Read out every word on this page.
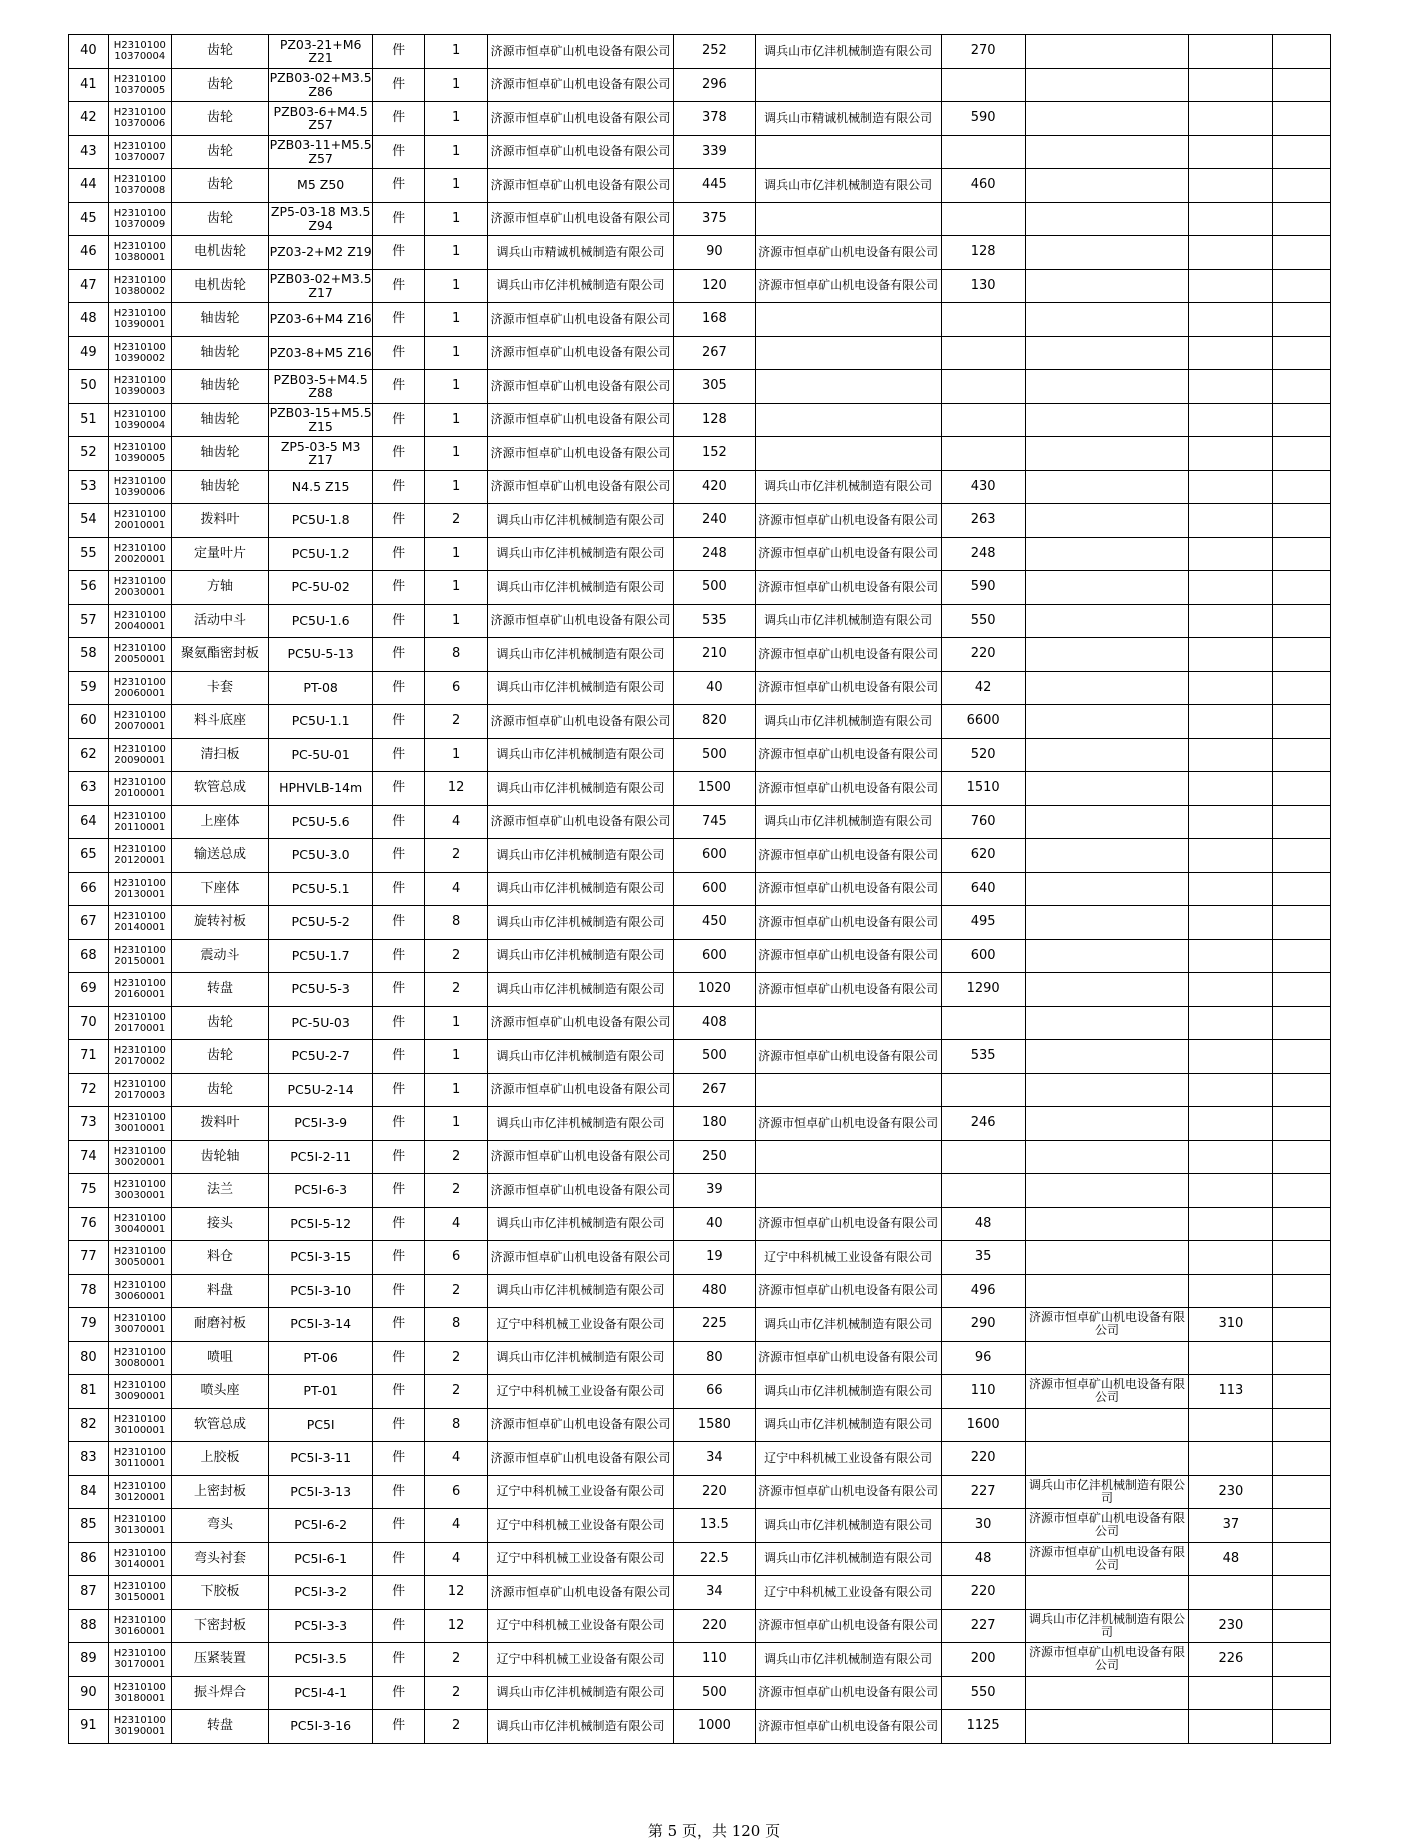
40	H2310100 10370004	齿轮	PZ03-21+M6 Z21	件	1	济源市恒卓矿山机电设备有限公司	252	调兵山市亿沣机械制造有限公司	270			
41	H2310100 10370005	齿轮	PZB03-02+M3.5 Z86	件	1	济源市恒卓矿山机电设备有限公司	296					
42	H2310100 10370006	齿轮	PZB03-6+M4.5 Z57	件	1	济源市恒卓矿山机电设备有限公司	378	调兵山市精诚机械制造有限公司	590			
43	H2310100 10370007	齿轮	PZB03-11+M5.5 Z57	件	1	济源市恒卓矿山机电设备有限公司	339					
44	H2310100 10370008	齿轮	M5 Z50	件	1	济源市恒卓矿山机电设备有限公司	445	调兵山市亿沣机械制造有限公司	460			
45	H2310100 10370009	齿轮	ZP5-03-18 M3.5 Z94	件	1	济源市恒卓矿山机电设备有限公司	375					
46	H2310100 10380001	电机齿轮	PZ03-2+M2 Z19	件	1	调兵山市精诚机械制造有限公司	90	济源市恒卓矿山机电设备有限公司	128			
47	H2310100 10380002	电机齿轮	PZB03-02+M3.5 Z17	件	1	调兵山市亿沣机械制造有限公司	120	济源市恒卓矿山机电设备有限公司	130			
48	H2310100 10390001	轴齿轮	PZ03-6+M4 Z16	件	1	济源市恒卓矿山机电设备有限公司	168					
49	H2310100 10390002	轴齿轮	PZ03-8+M5 Z16	件	1	济源市恒卓矿山机电设备有限公司	267					
50	H2310100 10390003	轴齿轮	PZB03-5+M4.5 Z88	件	1	济源市恒卓矿山机电设备有限公司	305					
51	H2310100 10390004	轴齿轮	PZB03-15+M5.5 Z15	件	1	济源市恒卓矿山机电设备有限公司	128					
52	H2310100 10390005	轴齿轮	ZP5-03-5 M3 Z17	件	1	济源市恒卓矿山机电设备有限公司	152					
53	H2310100 10390006	轴齿轮	N4.5 Z15	件	1	济源市恒卓矿山机电设备有限公司	420	调兵山市亿沣机械制造有限公司	430			
54	H2310100 20010001	拨料叶	PC5U-1.8	件	2	调兵山市亿沣机械制造有限公司	240	济源市恒卓矿山机电设备有限公司	263			
55	H2310100 20020001	定量叶片	PC5U-1.2	件	1	调兵山市亿沣机械制造有限公司	248	济源市恒卓矿山机电设备有限公司	248			
56	H2310100 20030001	方轴	PC-5U-02	件	1	调兵山市亿沣机械制造有限公司	500	济源市恒卓矿山机电设备有限公司	590			
57	H2310100 20040001	活动中斗	PC5U-1.6	件	1	济源市恒卓矿山机电设备有限公司	535	调兵山市亿沣机械制造有限公司	550			
58	H2310100 20050001	聚氨酯密封板	PC5U-5-13	件	8	调兵山市亿沣机械制造有限公司	210	济源市恒卓矿山机电设备有限公司	220			
59	H2310100 20060001	卡套	PT-08	件	6	调兵山市亿沣机械制造有限公司	40	济源市恒卓矿山机电设备有限公司	42			
60	H2310100 20070001	料斗底座	PC5U-1.1	件	2	济源市恒卓矿山机电设备有限公司	820	调兵山市亿沣机械制造有限公司	6600			
62	H2310100 20090001	清扫板	PC-5U-01	件	1	调兵山市亿沣机械制造有限公司	500	济源市恒卓矿山机电设备有限公司	520			
63	H2310100 20100001	软管总成	HPHVLB-14m	件	12	调兵山市亿沣机械制造有限公司	1500	济源市恒卓矿山机电设备有限公司	1510			
64	H2310100 20110001	上座体	PC5U-5.6	件	4	济源市恒卓矿山机电设备有限公司	745	调兵山市亿沣机械制造有限公司	760			
65	H2310100 20120001	输送总成	PC5U-3.0	件	2	调兵山市亿沣机械制造有限公司	600	济源市恒卓矿山机电设备有限公司	620			
66	H2310100 20130001	下座体	PC5U-5.1	件	4	调兵山市亿沣机械制造有限公司	600	济源市恒卓矿山机电设备有限公司	640			
67	H2310100 20140001	旋转衬板	PC5U-5-2	件	8	调兵山市亿沣机械制造有限公司	450	济源市恒卓矿山机电设备有限公司	495			
68	H2310100 20150001	震动斗	PC5U-1.7	件	2	调兵山市亿沣机械制造有限公司	600	济源市恒卓矿山机电设备有限公司	600			
69	H2310100 20160001	转盘	PC5U-5-3	件	2	调兵山市亿沣机械制造有限公司	1020	济源市恒卓矿山机电设备有限公司	1290			
70	H2310100 20170001	齿轮	PC-5U-03	件	1	济源市恒卓矿山机电设备有限公司	408					
71	H2310100 20170002	齿轮	PC5U-2-7	件	1	调兵山市亿沣机械制造有限公司	500	济源市恒卓矿山机电设备有限公司	535			
72	H2310100 20170003	齿轮	PC5U-2-14	件	1	济源市恒卓矿山机电设备有限公司	267					
73	H2310100 30010001	拨料叶	PC5I-3-9	件	1	调兵山市亿沣机械制造有限公司	180	济源市恒卓矿山机电设备有限公司	246			
74	H2310100 30020001	齿轮轴	PC5I-2-11	件	2	济源市恒卓矿山机电设备有限公司	250					
75	H2310100 30030001	法兰	PC5I-6-3	件	2	济源市恒卓矿山机电设备有限公司	39					
76	H2310100 30040001	接头	PC5I-5-12	件	4	调兵山市亿沣机械制造有限公司	40	济源市恒卓矿山机电设备有限公司	48			
77	H2310100 30050001	料仓	PC5I-3-15	件	6	济源市恒卓矿山机电设备有限公司	19	辽宁中科机械工业设备有限公司	35			
78	H2310100 30060001	料盘	PC5I-3-10	件	2	调兵山市亿沣机械制造有限公司	480	济源市恒卓矿山机电设备有限公司	496			
79	H2310100 30070001	耐磨衬板	PC5I-3-14	件	8	辽宁中科机械工业设备有限公司	225	调兵山市亿沣机械制造有限公司	290	济源市恒卓矿山机电设备有限公司	310	
80	H2310100 30080001	喷咀	PT-06	件	2	调兵山市亿沣机械制造有限公司	80	济源市恒卓矿山机电设备有限公司	96			
81	H2310100 30090001	喷头座	PT-01	件	2	辽宁中科机械工业设备有限公司	66	调兵山市亿沣机械制造有限公司	110	济源市恒卓矿山机电设备有限公司	113	
82	H2310100 30100001	软管总成	PC5I	件	8	济源市恒卓矿山机电设备有限公司	1580	调兵山市亿沣机械制造有限公司	1600			
83	H2310100 30110001	上胶板	PC5I-3-11	件	4	济源市恒卓矿山机电设备有限公司	34	辽宁中科机械工业设备有限公司	220			
84	H2310100 30120001	上密封板	PC5I-3-13	件	6	辽宁中科机械工业设备有限公司	220	济源市恒卓矿山机电设备有限公司	227	调兵山市亿沣机械制造有限公司	230	
85	H2310100 30130001	弯头	PC5I-6-2	件	4	辽宁中科机械工业设备有限公司	13.5	调兵山市亿沣机械制造有限公司	30	济源市恒卓矿山机电设备有限公司	37	
86	H2310100 30140001	弯头衬套	PC5I-6-1	件	4	辽宁中科机械工业设备有限公司	22.5	调兵山市亿沣机械制造有限公司	48	济源市恒卓矿山机电设备有限公司	48	
87	H2310100 30150001	下胶板	PC5I-3-2	件	12	济源市恒卓矿山机电设备有限公司	34	辽宁中科机械工业设备有限公司	220			
88	H2310100 30160001	下密封板	PC5I-3-3	件	12	辽宁中科机械工业设备有限公司	220	济源市恒卓矿山机电设备有限公司	227	调兵山市亿沣机械制造有限公司	230	
89	H2310100 30170001	压紧装置	PC5I-3.5	件	2	辽宁中科机械工业设备有限公司	110	调兵山市亿沣机械制造有限公司	200	济源市恒卓矿山机电设备有限公司	226	
90	H2310100 30180001	振斗焊合	PC5I-4-1	件	2	调兵山市亿沣机械制造有限公司	500	济源市恒卓矿山机电设备有限公司	550			
91	H2310100 30190001	转盘	PC5I-3-16	件	2	调兵山市亿沣机械制造有限公司	1000	济源市恒卓矿山机电设备有限公司	1125			
第 5 页，共 120 页
